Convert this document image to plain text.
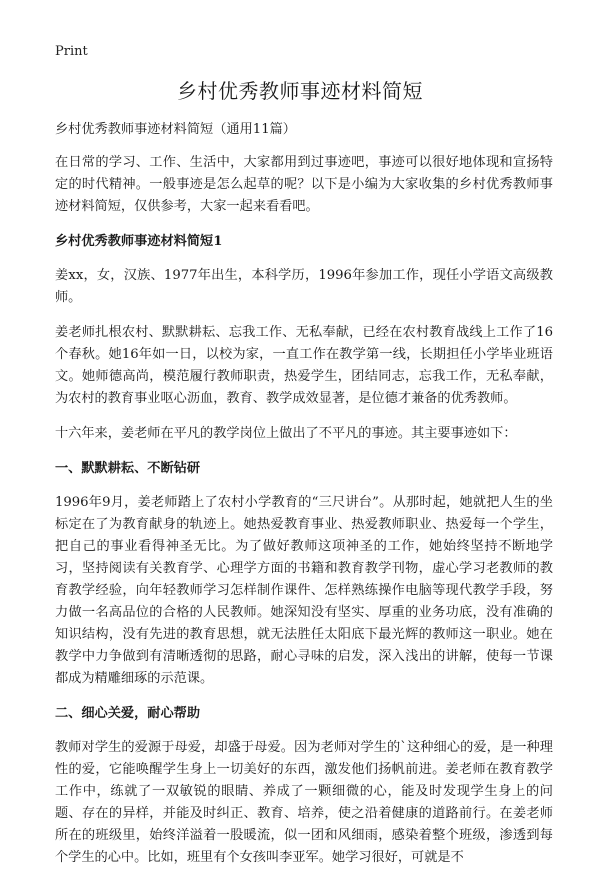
Print
乡村优秀教师事迹材料简短

乡村优秀教师事迹材料简短（通用11篇）

在日常的学习、工作、生活中，大家都用到过事迹吧，事迹可以很好地体现和宣扬特定的时代精神。一般事迹是怎么起草的呢？以下是小编为大家收集的乡村优秀教师事迹材料简短，仅供参考，大家一起来看看吧。

乡村优秀教师事迹材料简短1

姜xx，女，汉族、1977年出生，本科学历，1996年参加工作，现任小学语文高级教师。

姜老师扎根农村、默默耕耘、忘我工作、无私奉献，已经在农村教育战线上工作了16个春秋。她16年如一日，以校为家，一直工作在教学第一线，长期担任小学毕业班语文。她师德高尚，模范履行教师职责，热爱学生，团结同志，忘我工作，无私奉献，为农村的教育事业呕心沥血，教育、教学成效显著，是位德才兼备的优秀教师。

十六年来，姜老师在平凡的教学岗位上做出了不平凡的事迹。其主要事迹如下：

一、默默耕耘、不断钻研

1996年9月，姜老师踏上了农村小学教育的“三尺讲台”。从那时起，她就把人生的坐标定在了为教育献身的轨迹上。她热爱教育事业、热爱教师职业、热爱每一个学生，把自己的事业看得神圣无比。为了做好教师这项神圣的工作，她始终坚持不断地学习，坚持阅读有关教育学、心理学方面的书籍和教育教学刊物，虚心学习老教师的教育教学经验，向年轻教师学习怎样制作课件、怎样熟练操作电脑等现代教学手段，努力做一名高品位的合格的人民教师。她深知没有坚实、厚重的业务功底，没有准确的知识结构，没有先进的教育思想，就无法胜任太阳底下最光辉的教师这一职业。她在教学中力争做到有清晰透彻的思路，耐心寻味的启发，深入浅出的讲解，使每一节课都成为精雕细琢的示范课。

二、细心关爱，耐心帮助

教师对学生的爱源于母爱，却盛于母爱。因为老师对学生的`这种细心的爱，是一种理性的爱，它能唤醒学生身上一切美好的东西，激发他们扬帆前进。姜老师在教育教学工作中，练就了一双敏锐的眼睛、养成了一颗细微的心，能及时发现学生身上的问题、存在的异样，并能及时纠正、教育、培养，使之沿着健康的道路前行。在姜老师所在的班级里，始终洋溢着一股暖流，似一团和风细雨，感染着整个班级，渗透到每个学生的心中。比如，班里有个女孩叫李亚军。她学习很好，可就是不
